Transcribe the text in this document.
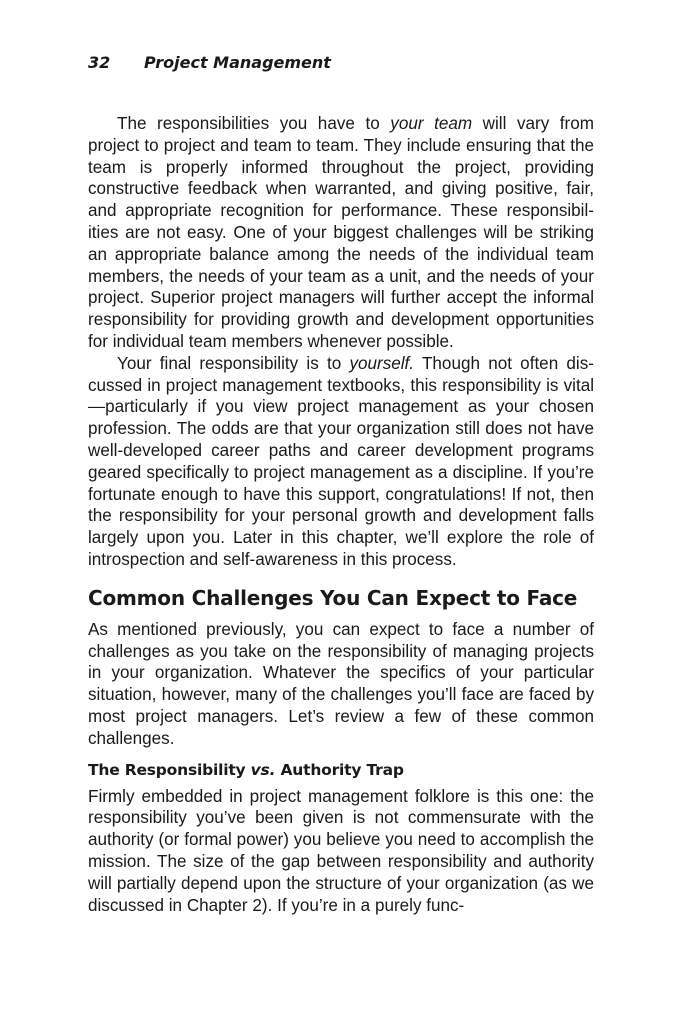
32 Project Management

The responsibilities you have to your team will vary from project to project and team to team. They include ensuring that the team is properly informed throughout the project, providing constructive feedback when warranted, and giving positive, fair, and appropriate recognition for performance. These responsibilities are not easy. One of your biggest challenges will be striking an appropriate balance among the needs of the individual team members, the needs of your team as a unit, and the needs of your project. Superior project managers will further accept the informal responsibility for providing growth and development opportunities for individual team members whenever possible.

Your final responsibility is to yourself. Though not often discussed in project management textbooks, this responsibility is vital—particularly if you view project management as your chosen profession. The odds are that your organization still does not have well-developed career paths and career development programs geared specifically to project management as a discipline. If you’re fortunate enough to have this support, congratulations! If not, then the responsibility for your personal growth and development falls largely upon you. Later in this chapter, we’ll explore the role of introspection and self-awareness in this process.

Common Challenges You Can Expect to Face

As mentioned previously, you can expect to face a number of challenges as you take on the responsibility of managing projects in your organization. Whatever the specifics of your particular situation, however, many of the challenges you’ll face are faced by most project managers. Let’s review a few of these common challenges.

The Responsibility vs. Authority Trap

Firmly embedded in project management folklore is this one: the responsibility you’ve been given is not commensurate with the authority (or formal power) you believe you need to accomplish the mission. The size of the gap between responsibility and authority will partially depend upon the structure of your organization (as we discussed in Chapter 2). If you’re in a purely func-
